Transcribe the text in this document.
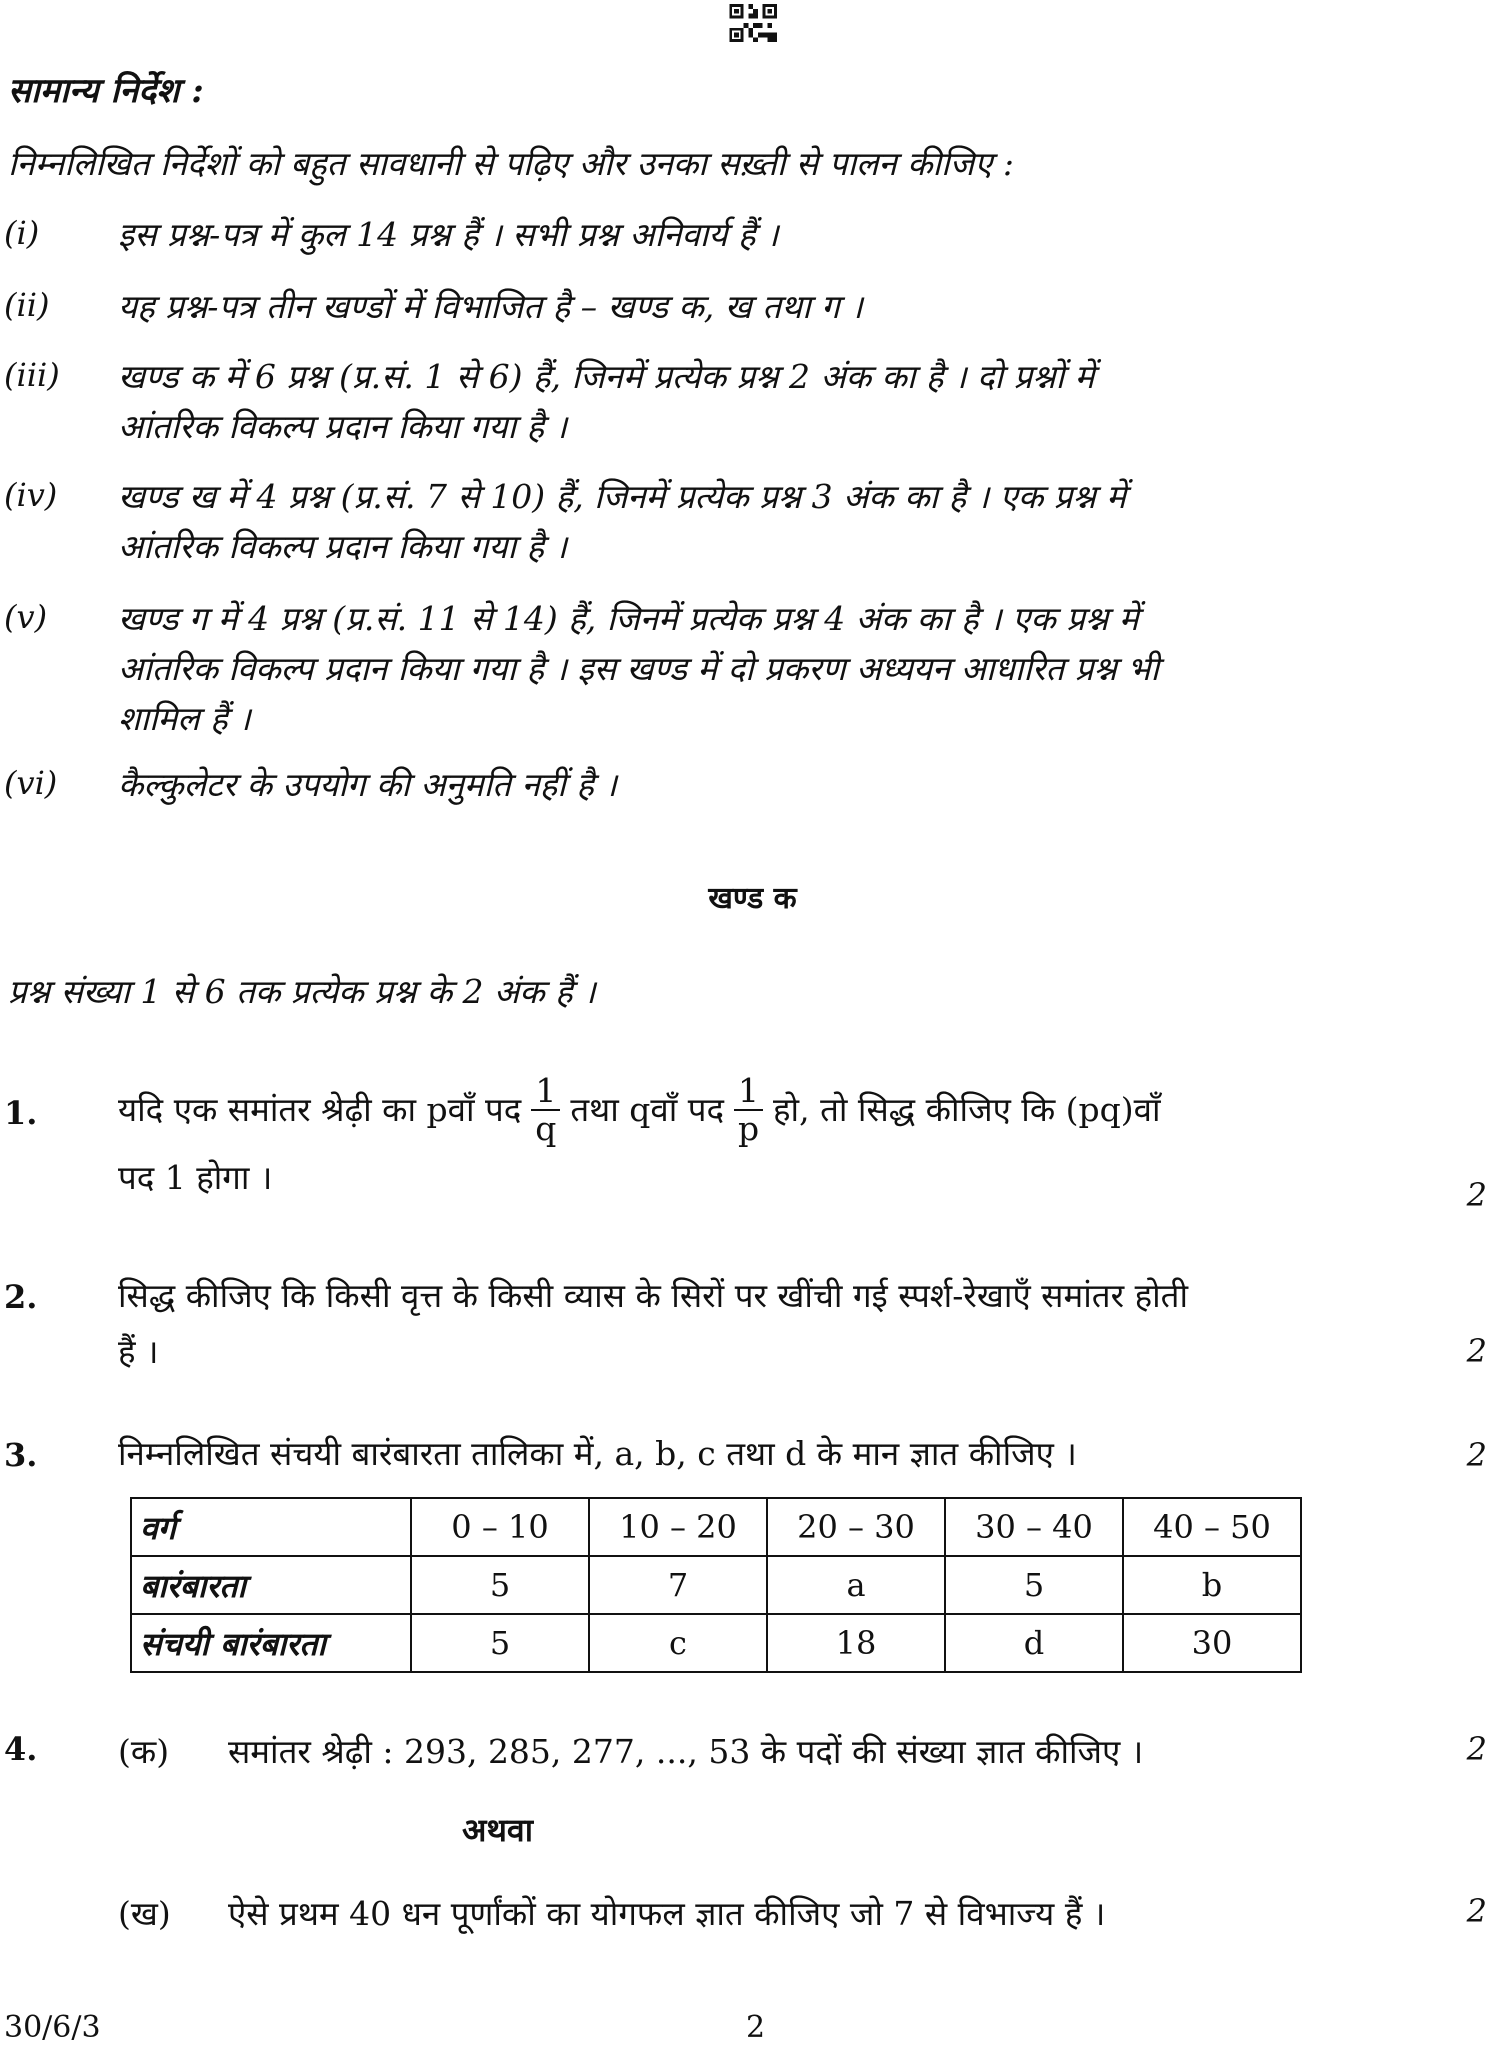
सामान्य निर्देश :
निम्नलिखित निर्देशों को बहुत सावधानी से पढ़िए और उनका सख़्ती से पालन कीजिए :
(i) इस प्रश्न-पत्र में कुल 14 प्रश्न हैं । सभी प्रश्न अनिवार्य हैं ।
(ii) यह प्रश्न-पत्र तीन खण्डों में विभाजित है – खण्ड क, ख तथा ग ।
(iii) खण्ड क में 6 प्रश्न (प्र.सं. 1 से 6) हैं, जिनमें प्रत्येक प्रश्न 2 अंक का है । दो प्रश्नों में
आंतरिक विकल्प प्रदान किया गया है ।
(iv) खण्ड ख में 4 प्रश्न (प्र.सं. 7 से 10) हैं, जिनमें प्रत्येक प्रश्न 3 अंक का है । एक प्रश्न में
आंतरिक विकल्प प्रदान किया गया है ।
(v) खण्ड ग में 4 प्रश्न (प्र.सं. 11 से 14) हैं, जिनमें प्रत्येक प्रश्न 4 अंक का है । एक प्रश्न में
आंतरिक विकल्प प्रदान किया गया है । इस खण्ड में दो प्रकरण अध्ययन आधारित प्रश्न भी
शामिल हैं ।
(vi) कैल्कुलेटर के उपयोग की अनुमति नहीं है ।
खण्ड क
प्रश्न संख्या 1 से 6 तक प्रत्येक प्रश्न के 2 अंक हैं ।
1. यदि एक समांतर श्रेढ़ी का pवाँ पद $\frac{1}{q}$ तथा qवाँ पद $\frac{1}{p}$ हो, तो सिद्ध कीजिए कि (pq)वाँ
पद 1 होगा ।	2
2. सिद्ध कीजिए कि किसी वृत्त के किसी व्यास के सिरों पर खींची गई स्पर्श-रेखाएँ समांतर होती
हैं ।	2
3. निम्नलिखित संचयी बारंबारता तालिका में, a, b, c तथा d के मान ज्ञात कीजिए ।	2
वर्ग	0 – 10	10 – 20	20 – 30	30 – 40	40 – 50
बारंबारता	5	7	a	5	b
संचयी बारंबारता	5	c	18	d	30
4. (क) समांतर श्रेढ़ी : 293, 285, 277, ..., 53 के पदों की संख्या ज्ञात कीजिए ।	2
अथवा
(ख) ऐसे प्रथम 40 धन पूर्णांकों का योगफल ज्ञात कीजिए जो 7 से विभाज्य हैं ।	2
30/6/3	2
